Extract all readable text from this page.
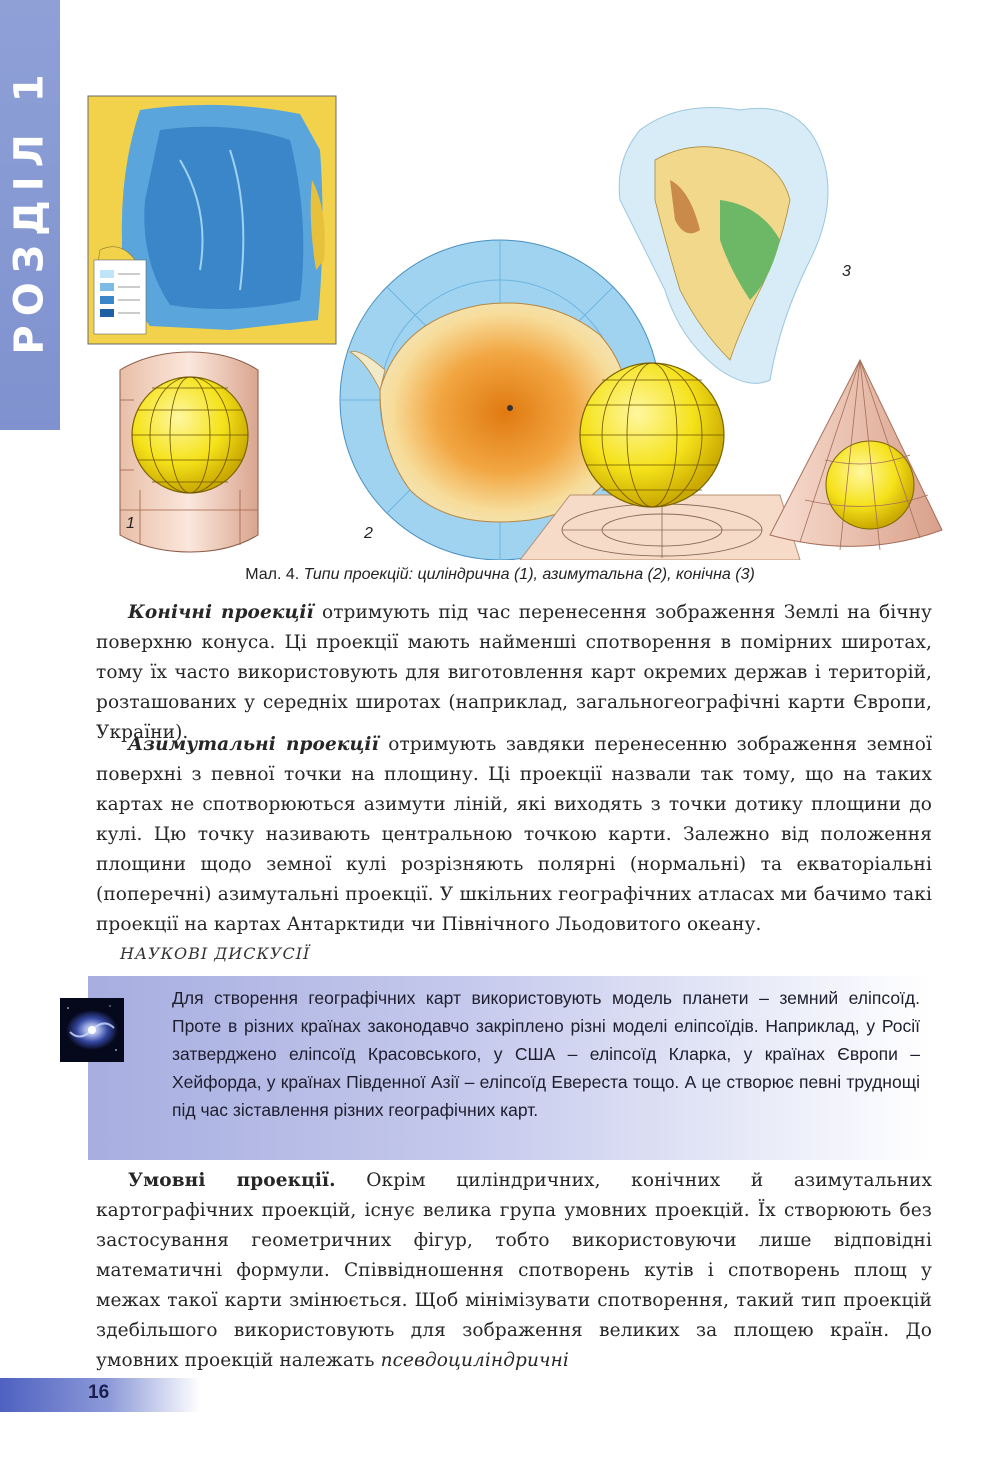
РОЗДІЛ 1
1
2
3
Мал. 4. Типи проекцій: циліндрична (1), азимутальна (2), конічна (3)

Конічні проекції отримують під час перенесення зображення Землі на бічну поверхню конуса. Ці проекції мають найменші спотворення в помірних широтах, тому їх часто використовують для виготовлення карт окремих держав і територій, розташованих у середніх широтах (наприклад, загальногеографічні карти Європи, України).

Азимутальні проекції отримують завдяки перенесенню зображення земної поверхні з певної точки на площину. Ці проекції назвали так тому, що на таких картах не спотворюються азимути ліній, які виходять з точки дотику площини до кулі. Цю точку називають центральною точкою карти. Залежно від положення площини щодо земної кулі розрізняють полярні (нормальні) та екваторіальні (поперечні) азимутальні проекції. У шкільних географічних атласах ми бачимо такі проекції на картах Антарктиди чи Північного Льодовитого океану.

НАУКОВІ ДИСКУСІЇ

Для створення географічних карт використовують модель планети – земний еліпсоїд. Проте в різних країнах законодавчо закріплено різні моделі еліпсоїдів. Наприклад, у Росії затверджено еліпсоїд Красовського, у США – еліпсоїд Кларка, у країнах Європи – Хейфорда, у країнах Південної Азії – еліпсоїд Евереста тощо. А це створює певні труднощі під час зіставлення різних географічних карт.

Умовні проекції. Окрім циліндричних, конічних й азимутальних картографічних проекцій, існує велика група умовних проекцій. Їх створюють без застосування геометричних фігур, тобто використовуючи лише відповідні математичні формули. Співвідношення спотворень кутів і спотворень площ у межах такої карти змінюється. Щоб мінімізувати спотворення, такий тип проекцій здебільшого використовують для зображення великих за площею країн. До умовних проекцій належать псевдоциліндричні

16
